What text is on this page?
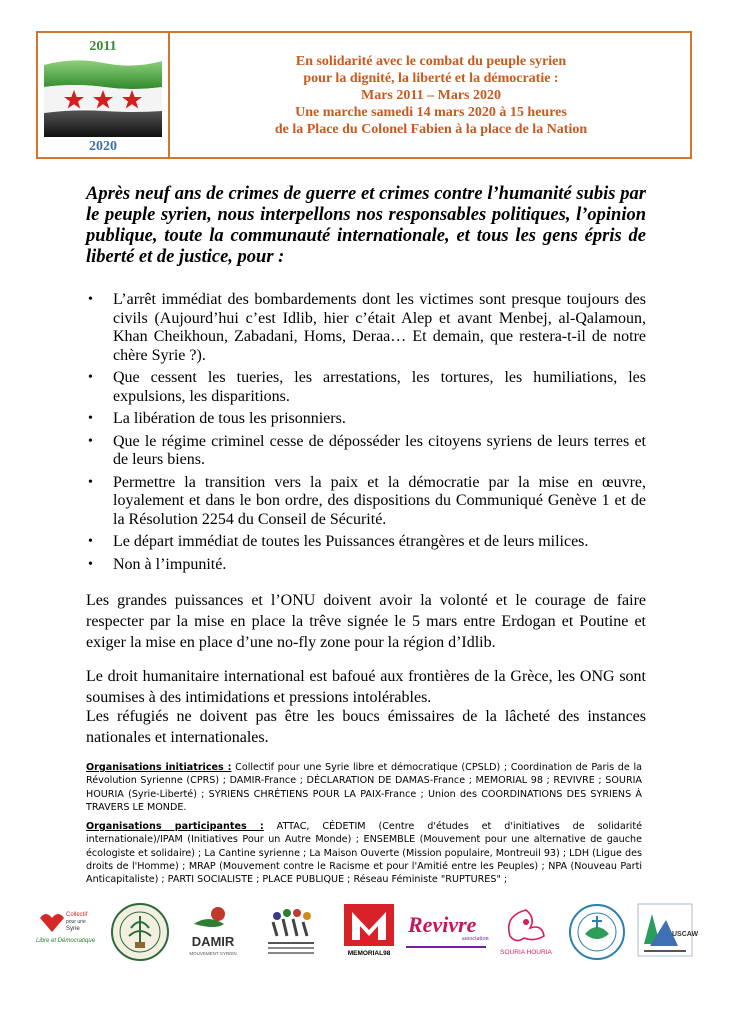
2011
2020
En solidarité avec le combat du peuple syrien
pour la dignité, la liberté et la démocratie :
Mars 2011 – Mars 2020
Une marche samedi 14 mars 2020 à 15 heures
de la Place du Colonel Fabien à la place de la Nation
Après neuf ans de crimes de guerre et crimes contre l’humanité subis par le peuple syrien, nous interpellons nos responsables politiques, l’opinion publique, toute la communauté internationale, et tous les gens épris de liberté et de justice, pour :
• L’arrêt immédiat des bombardements dont les victimes sont presque toujours des civils (Aujourd’hui c’est Idlib, hier c’était Alep et avant Menbej, al-Qalamoun, Khan Cheikhoun, Zabadani, Homs, Deraa… Et demain, que restera-t-il de notre chère Syrie ?).
• Que cessent les tueries, les arrestations, les tortures, les humiliations, les expulsions, les disparitions.
• La libération de tous les prisonniers.
• Que le régime criminel cesse de déposséder les citoyens syriens de leurs terres et de leurs biens.
• Permettre la transition vers la paix et la démocratie par la mise en œuvre, loyalement et dans le bon ordre, des dispositions du Communiqué Genève 1 et de la Résolution 2254 du Conseil de Sécurité.
• Le départ immédiat de toutes les Puissances étrangères et de leurs milices.
• Non à l’impunité.
Les grandes puissances et l’ONU doivent avoir la volonté et le courage de faire respecter par la mise en place la trêve signée le 5 mars entre Erdogan et Poutine et exiger la mise en place d’une no-fly zone pour la région d’Idlib.
Le droit humanitaire international est bafoué aux frontières de la Grèce, les ONG sont soumises à des intimidations et pressions intolérables.
Les réfugiés ne doivent pas être les boucs émissaires de la lâcheté des instances nationales et internationales.
Organisations initiatrices : Collectif pour une Syrie libre et démocratique (CPSLD) ; Coordination de Paris de la Révolution Syrienne (CPRS) ; DAMIR-France ; DÉCLARATION DE DAMAS-France ; MEMORIAL 98 ; REVIVRE ; SOURIA HOURIA (Syrie-Liberté) ; SYRIENS CHRÉTIENS POUR LA PAIX-France ; Union des COORDINATIONS DES SYRIENS À TRAVERS LE MONDE.
Organisations participantes : ATTAC, CÉDETIM (Centre d'études et d'initiatives de solidarité internationale)/IPAM (Initiatives Pour un Autre Monde) ; ENSEMBLE (Mouvement pour une alternative de gauche écologiste et solidaire) ; La Cantine syrienne ; La Maison Ouverte (Mission populaire, Montreuil 93) ; LDH (Ligue des droits de l'Homme) ; MRAP (Mouvement contre le Racisme et pour l'Amitié entre les Peuples) ; NPA (Nouveau Parti Anticapitaliste) ; PARTI SOCIALISTE ; PLACE PUBLIQUE ; Réseau Féministe "RUPTURES" ;
Collectif
pour une
Syrie
Libre et Démocratique	DAMIR
MOUVEMENT SYRIEN	MEMORIAL98
Revivre
association
SOURIA HOURIA
USCAW
